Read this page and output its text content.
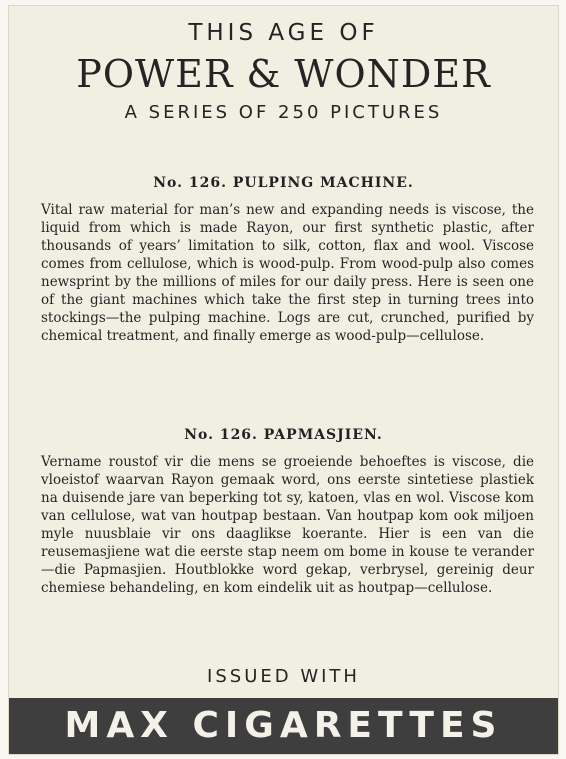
THIS AGE OF
POWER & WONDER
A SERIES OF 250 PICTURES
No. 126. PULPING MACHINE.

Vital raw material for man’s new and expanding needs is viscose, the liquid from which is made Rayon, our first synthetic plastic, after thousands of years’ limitation to silk, cotton, flax and wool. Viscose comes from cellulose, which is wood-pulp. From wood-pulp also comes newsprint by the millions of miles for our daily press. Here is seen one of the giant machines which take the first step in turning trees into stockings—the pulping machine. Logs are cut, crunched, purified by chemical treatment, and finally emerge as wood-pulp—cellulose.

No. 126. PAPMASJIEN.

Vername roustof vir die mens se groeiende behoeftes is viscose, die vloeistof waarvan Rayon gemaak word, ons eerste sintetiese plastiek na duisende jare van beperking tot sy, katoen, vlas en wol. Viscose kom van cellulose, wat van houtpap bestaan. Van houtpap kom ook miljoen myle nuusblaie vir ons daaglikse koerante. Hier is een van die reusemasjiene wat die eerste stap neem om bome in kouse te verander—die Papmasjien. Houtblokke word gekap, verbrysel, gereinig deur chemiese behandeling, en kom eindelik uit as houtpap—cellulose.

ISSUED WITH
MAX CIGARETTES
